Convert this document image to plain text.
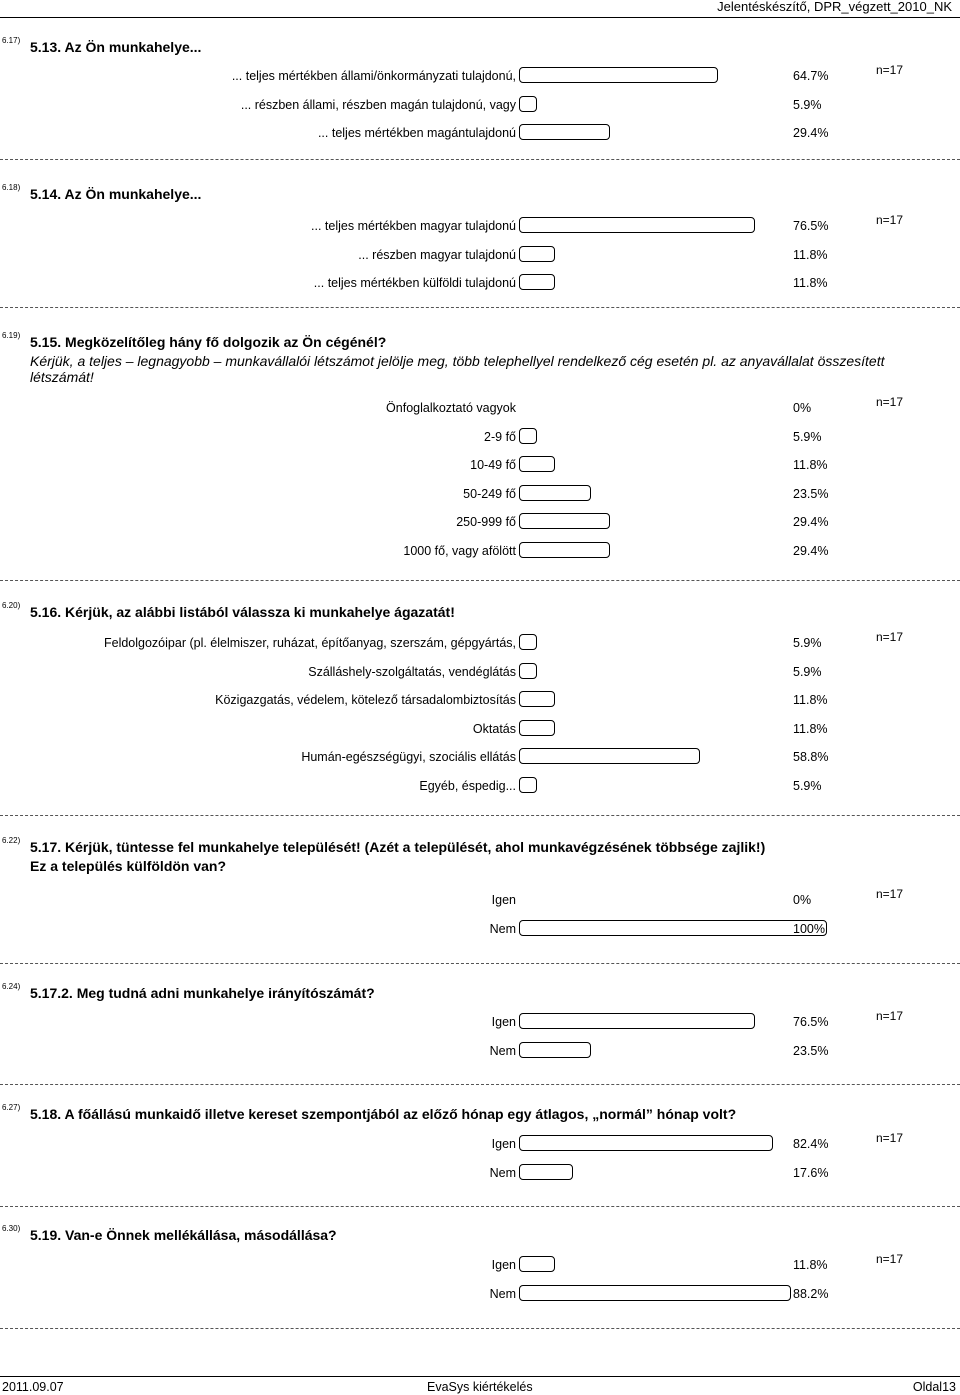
Jelentéskészítő, DPR_végzett_2010_NK
6.17) 5.13. Az Ön munkahelye...
n=17
... teljes mértékben állami/önkormányzati tulajdonú,	64.7%
... részben állami, részben magán tulajdonú, vagy	5.9%
... teljes mértékben magántulajdonú	29.4%
6.18) 5.14. Az Ön munkahelye...
n=17
... teljes mértékben magyar tulajdonú	76.5%
... részben magyar tulajdonú	11.8%
... teljes mértékben külföldi tulajdonú	11.8%
6.19) 5.15. Megközelítőleg hány fő dolgozik az Ön cégénél?
Kérjük, a teljes – legnagyobb – munkavállalói létszámot jelölje meg, több telephellyel rendelkező cég esetén pl. az anyavállalat összesített létszámát!
n=17
Önfoglalkoztató vagyok	0%
2-9 fő	5.9%
10-49 fő	11.8%
50-249 fő	23.5%
250-999 fő	29.4%
1000 fő, vagy afölött	29.4%
6.20) 5.16. Kérjük, az alábbi listából válassza ki munkahelye ágazatát!
n=17
Feldolgozóipar (pl. élelmiszer, ruházat, építőanyag, szerszám, gépgyártás,	5.9%
Szálláshely-szolgáltatás, vendéglátás	5.9%
Közigazgatás, védelem, kötelező társadalombiztosítás	11.8%
Oktatás	11.8%
Humán-egészségügyi, szociális ellátás	58.8%
Egyéb, éspedig...	5.9%
6.22) 5.17. Kérjük, tüntesse fel munkahelye települését! (Azét a települését, ahol munkavégzésének többsége zajlik!)
Ez a település külföldön van?
n=17
Igen	0%
Nem	100%
6.24) 5.17.2. Meg tudná adni munkahelye irányítószámát?
n=17
Igen	76.5%
Nem	23.5%
6.27) 5.18. A főállású munkaidő illetve kereset szempontjából az előző hónap egy átlagos, „normál” hónap volt?
n=17
Igen	82.4%
Nem	17.6%
6.30) 5.19. Van-e Önnek mellékállása, másodállása?
n=17
Igen	11.8%
Nem	88.2%
2011.09.07	EvaSys kiértékelés	Oldal13
